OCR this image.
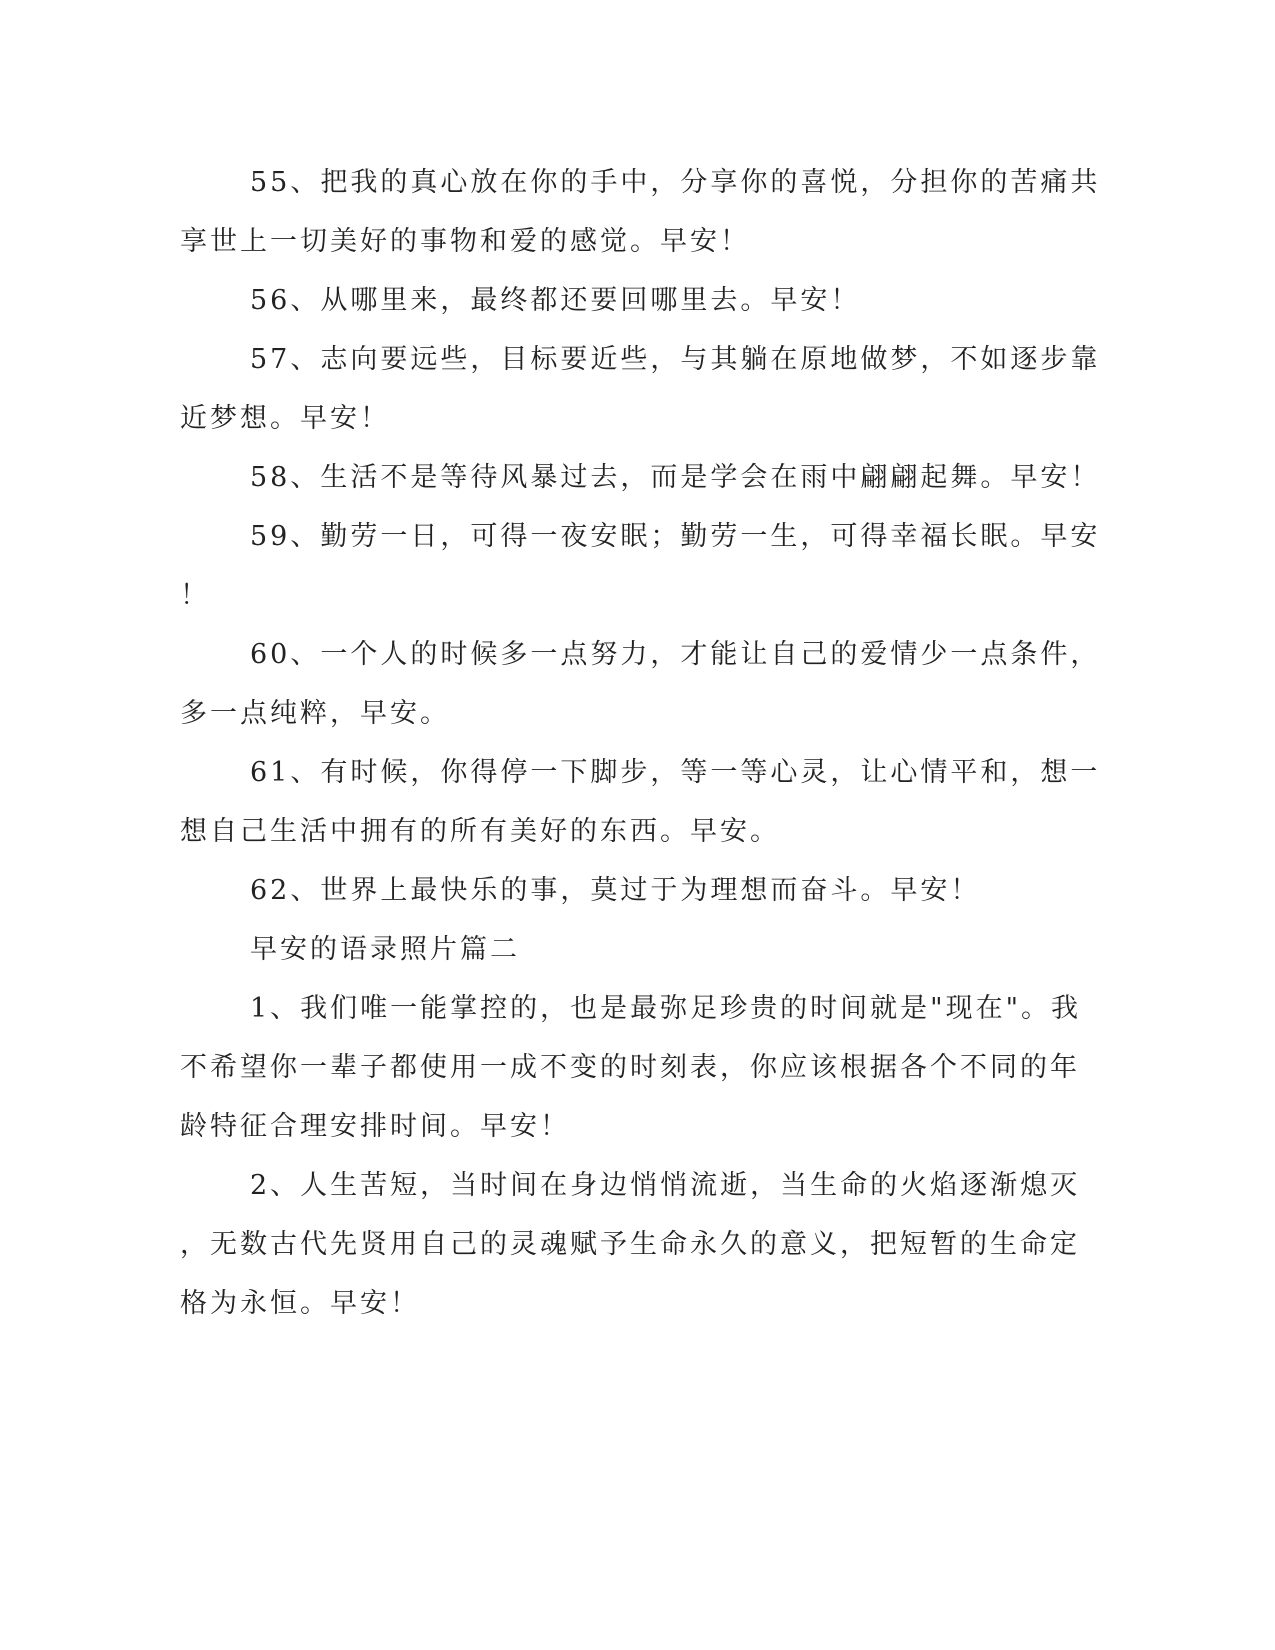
55、把我的真心放在你的手中，分享你的喜悦，分担你的苦痛共
享世上一切美好的事物和爱的感觉。早安！
56、从哪里来，最终都还要回哪里去。早安！
57、志向要远些，目标要近些，与其躺在原地做梦，不如逐步靠
近梦想。早安！
58、生活不是等待风暴过去，而是学会在雨中翩翩起舞。早安！
59、勤劳一日，可得一夜安眠；勤劳一生，可得幸福长眠。早安
！
60、一个人的时候多一点努力，才能让自己的爱情少一点条件，
多一点纯粹，早安。
61、有时候，你得停一下脚步，等一等心灵，让心情平和，想一
想自己生活中拥有的所有美好的东西。早安。
62、世界上最快乐的事，莫过于为理想而奋斗。早安！
早安的语录照片篇二
1、我们唯一能掌控的，也是最弥足珍贵的时间就是"现在"。我
不希望你一辈子都使用一成不变的时刻表，你应该根据各个不同的年
龄特征合理安排时间。早安！
2、人生苦短，当时间在身边悄悄流逝，当生命的火焰逐渐熄灭
，无数古代先贤用自己的灵魂赋予生命永久的意义，把短暂的生命定
格为永恒。早安！
